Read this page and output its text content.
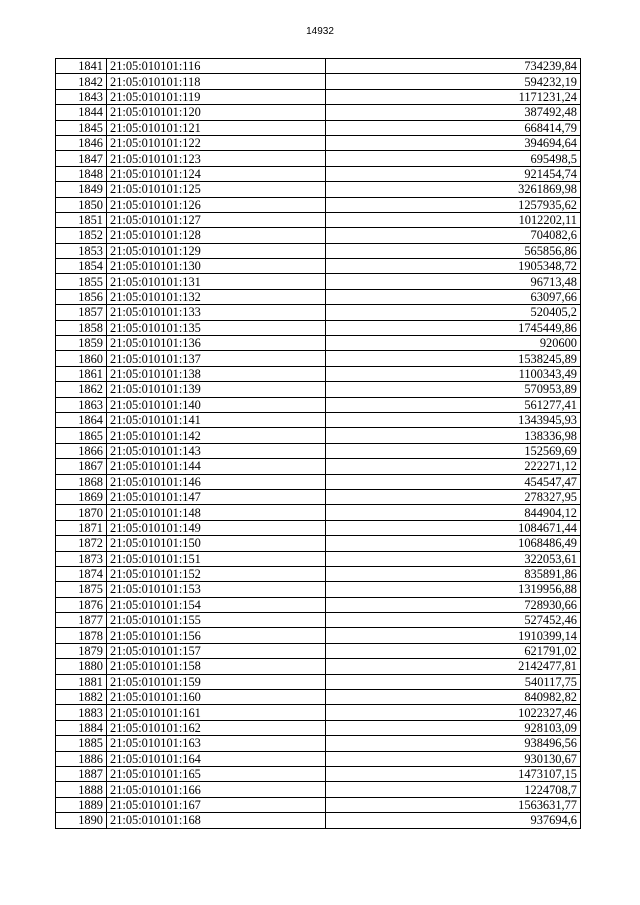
14932
1841	21:05:010101:116	734239,84
1842	21:05:010101:118	594232,19
1843	21:05:010101:119	1171231,24
1844	21:05:010101:120	387492,48
1845	21:05:010101:121	668414,79
1846	21:05:010101:122	394694,64
1847	21:05:010101:123	695498,5
1848	21:05:010101:124	921454,74
1849	21:05:010101:125	3261869,98
1850	21:05:010101:126	1257935,62
1851	21:05:010101:127	1012202,11
1852	21:05:010101:128	704082,6
1853	21:05:010101:129	565856,86
1854	21:05:010101:130	1905348,72
1855	21:05:010101:131	96713,48
1856	21:05:010101:132	63097,66
1857	21:05:010101:133	520405,2
1858	21:05:010101:135	1745449,86
1859	21:05:010101:136	920600
1860	21:05:010101:137	1538245,89
1861	21:05:010101:138	1100343,49
1862	21:05:010101:139	570953,89
1863	21:05:010101:140	561277,41
1864	21:05:010101:141	1343945,93
1865	21:05:010101:142	138336,98
1866	21:05:010101:143	152569,69
1867	21:05:010101:144	222271,12
1868	21:05:010101:146	454547,47
1869	21:05:010101:147	278327,95
1870	21:05:010101:148	844904,12
1871	21:05:010101:149	1084671,44
1872	21:05:010101:150	1068486,49
1873	21:05:010101:151	322053,61
1874	21:05:010101:152	835891,86
1875	21:05:010101:153	1319956,88
1876	21:05:010101:154	728930,66
1877	21:05:010101:155	527452,46
1878	21:05:010101:156	1910399,14
1879	21:05:010101:157	621791,02
1880	21:05:010101:158	2142477,81
1881	21:05:010101:159	540117,75
1882	21:05:010101:160	840982,82
1883	21:05:010101:161	1022327,46
1884	21:05:010101:162	928103,09
1885	21:05:010101:163	938496,56
1886	21:05:010101:164	930130,67
1887	21:05:010101:165	1473107,15
1888	21:05:010101:166	1224708,7
1889	21:05:010101:167	1563631,77
1890	21:05:010101:168	937694,6
